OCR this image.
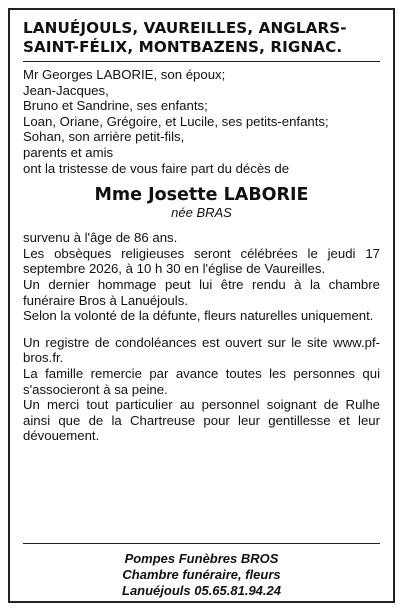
LANUÉJOULS, VAUREILLES, ANGLARS-
SAINT-FÉLIX, MONTBAZENS, RIGNAC.
Mr Georges LABORIE, son époux;
Jean-Jacques,
Bruno et Sandrine, ses enfants;
Loan, Oriane, Grégoire, et Lucile, ses petits-enfants;
Sohan, son arrière petit-fils,
parents et amis
ont la tristesse de vous faire part du décès de
Mme Josette LABORIE
née BRAS

survenu à l'âge de 86 ans.

Les obsèques religieuses seront célébrées le jeudi 17 septembre 2026, à 10 h 30 en l'église de Vaureilles.

Un dernier hommage peut lui être rendu à la chambre funéraire Bros à Lanuéjouls.

Selon la volonté de la défunte, fleurs naturelles uniquement.

Un registre de condoléances est ouvert sur le site www.pf-bros.fr.

La famille remercie par avance toutes les personnes qui s'associeront à sa peine.

Un merci tout particulier au personnel soignant de Rulhe ainsi que de la Chartreuse pour leur gentillesse et leur dévouement.

Pompes Funèbres BROS
Chambre funéraire, fleurs
Lanuéjouls 05.65.81.94.24
